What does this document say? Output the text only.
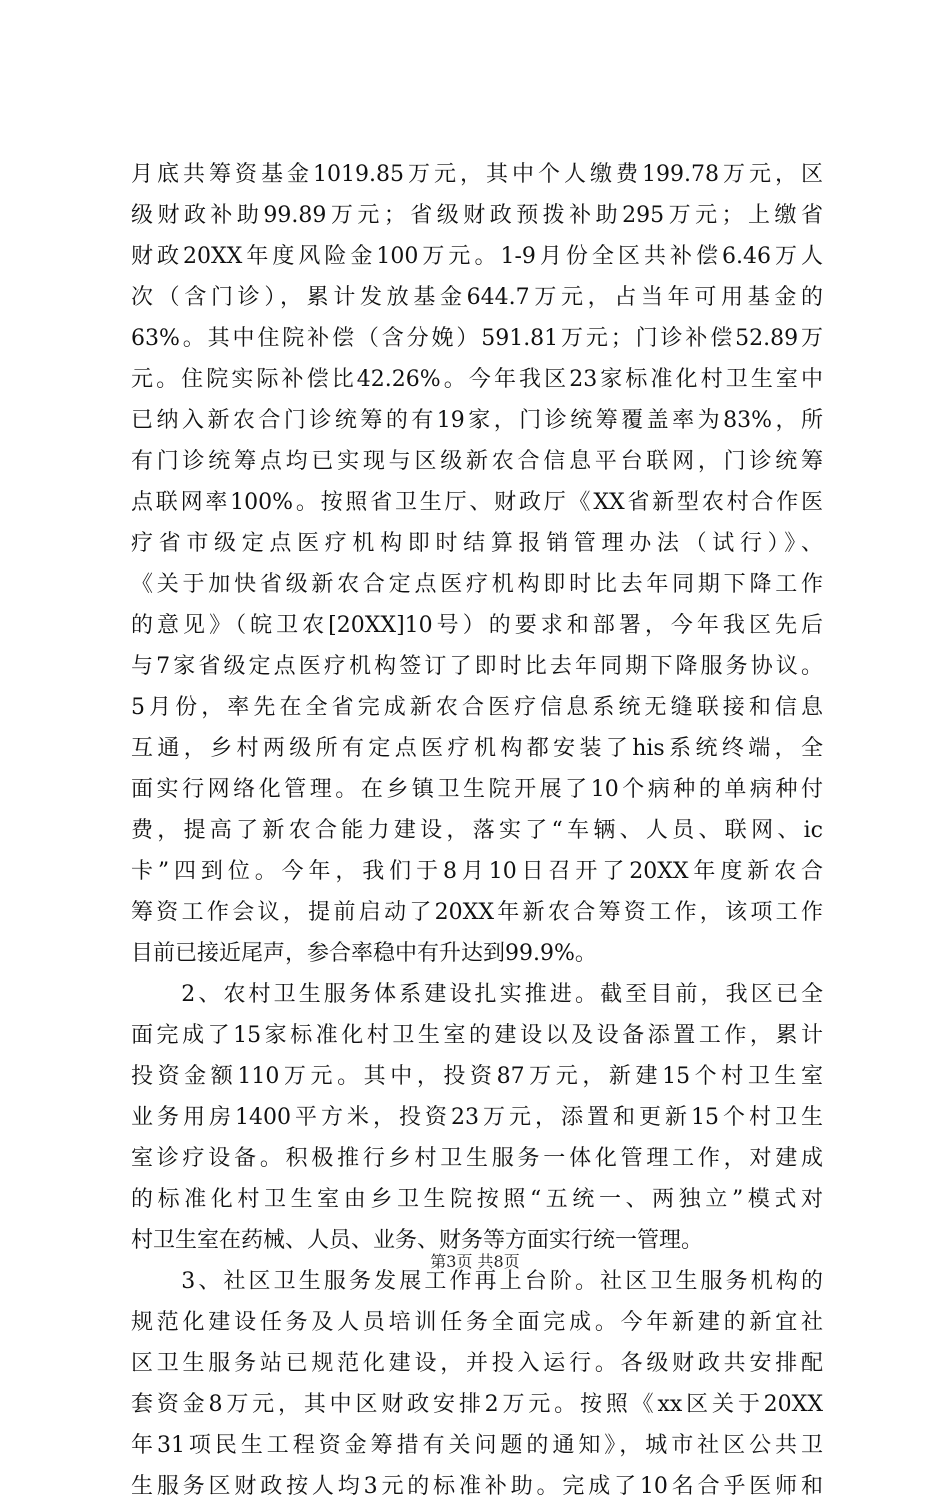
月底共筹资基金1019.85万元，其中个人缴费199.78万元，区
级财政补助99.89万元；省级财政预拨补助295万元；上缴省
财政20XX年度风险金100万元。1-9月份全区共补偿6.46万人
次（含门诊），累计发放基金644.7万元，占当年可用基金的
63%。其中住院补偿（含分娩）591.81万元；门诊补偿52.89万
元。住院实际补偿比42.26%。今年我区23家标准化村卫生室中
已纳入新农合门诊统筹的有19家，门诊统筹覆盖率为83%，所
有门诊统筹点均已实现与区级新农合信息平台联网，门诊统筹
点联网率100%。按照省卫生厅、财政厅《XX省新型农村合作医
疗省市级定点医疗机构即时结算报销管理办法（试行）》、
《关于加快省级新农合定点医疗机构即时比去年同期下降工作
的意见》（皖卫农[20XX]10号）的要求和部署，今年我区先后
与7家省级定点医疗机构签订了即时比去年同期下降服务协议。
5月份，率先在全省完成新农合医疗信息系统无缝联接和信息
互通，乡村两级所有定点医疗机构都安装了his系统终端，全
面实行网络化管理。在乡镇卫生院开展了10个病种的单病种付
费，提高了新农合能力建设，落实了“车辆、人员、联网、ic
卡”四到位。今年，我们于8月10日召开了20XX年度新农合
筹资工作会议，提前启动了20XX年新农合筹资工作，该项工作
目前已接近尾声，参合率稳中有升达到99.9%。
　　2、农村卫生服务体系建设扎实推进。截至目前，我区已全
面完成了15家标准化村卫生室的建设以及设备添置工作，累计
投资金额110万元。其中，投资87万元，新建15个村卫生室
业务用房1400平方米，投资23万元，添置和更新15个村卫生
室诊疗设备。积极推行乡村卫生服务一体化管理工作，对建成
的标准化村卫生室由乡卫生院按照“五统一、两独立”模式对
村卫生室在药械、人员、业务、财务等方面实行统一管理。
　　3、社区卫生服务发展工作再上台阶。社区卫生服务机构的
规范化建设任务及人员培训任务全面完成。今年新建的新宜社
区卫生服务站已规范化建设，并投入运行。各级财政共安排配
套资金8万元，其中区财政安排2万元。按照《xx区关于20XX
年31项民生工程资金筹措有关问题的通知》，城市社区公共卫
生服务区财政按人均3元的标准补助。完成了10名合乎医师和
第3页 共8页
